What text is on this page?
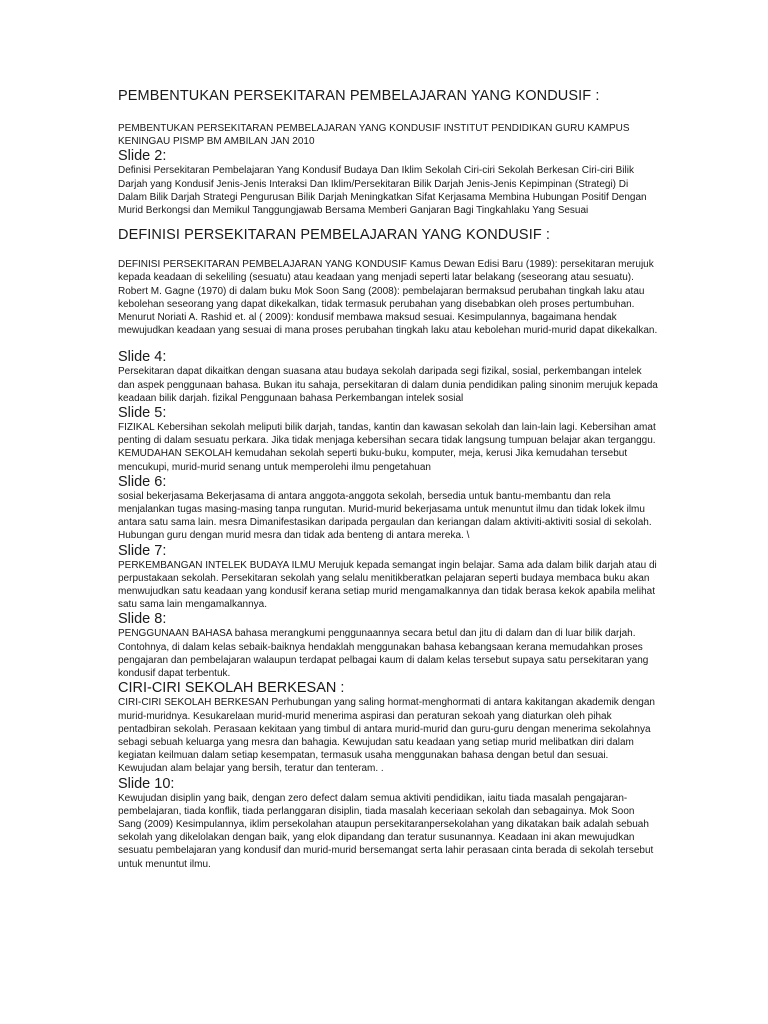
PEMBENTUKAN PERSEKITARAN PEMBELAJARAN YANG KONDUSIF :
PEMBENTUKAN PERSEKITARAN PEMBELAJARAN YANG KONDUSIF INSTITUT PENDIDIKAN GURU KAMPUS KENINGAU PISMP BM AMBILAN JAN 2010
Slide 2:
Definisi Persekitaran Pembelajaran Yang Kondusif Budaya Dan Iklim Sekolah Ciri-ciri Sekolah Berkesan Ciri-ciri Bilik Darjah yang Kondusif Jenis-Jenis Interaksi Dan Iklim/Persekitaran Bilik Darjah Jenis-Jenis Kepimpinan (Strategi) Di Dalam Bilik Darjah Strategi Pengurusan Bilik Darjah Meningkatkan Sifat Kerjasama Membina Hubungan Positif Dengan Murid Berkongsi dan Memikul Tanggungjawab Bersama Memberi Ganjaran Bagi Tingkahlaku Yang Sesuai
DEFINISI PERSEKITARAN PEMBELAJARAN YANG KONDUSIF :
DEFINISI PERSEKITARAN PEMBELAJARAN YANG KONDUSIF Kamus Dewan Edisi Baru (1989): persekitaran merujuk kepada keadaan di sekeliling (sesuatu) atau keadaan yang menjadi seperti latar belakang (seseorang atau sesuatu). Robert M. Gagne (1970) di dalam buku Mok Soon Sang (2008): pembelajaran bermaksud perubahan tingkah laku atau kebolehan seseorang yang dapat dikekalkan, tidak termasuk perubahan yang disebabkan oleh proses pertumbuhan. Menurut Noriati A. Rashid et. al ( 2009): kondusif membawa maksud sesuai. Kesimpulannya, bagaimana hendak mewujudkan keadaan yang sesuai di mana proses perubahan tingkah laku atau kebolehan murid-murid dapat dikekalkan.
Slide 4:
Persekitaran dapat dikaitkan dengan suasana atau budaya sekolah daripada segi fizikal, sosial, perkembangan intelek dan aspek penggunaan bahasa. Bukan itu sahaja, persekitaran di dalam dunia pendidikan paling sinonim merujuk kepada keadaan bilik darjah. fizikal Penggunaan bahasa Perkembangan intelek sosial
Slide 5:
FIZIKAL Kebersihan sekolah meliputi bilik darjah, tandas, kantin dan kawasan sekolah dan lain-lain lagi. Kebersihan amat penting di dalam sesuatu perkara. Jika tidak menjaga kebersihan secara tidak langsung tumpuan belajar akan terganggu. KEMUDAHAN SEKOLAH kemudahan sekolah seperti buku-buku, komputer, meja, kerusi Jika kemudahan tersebut mencukupi, murid-murid senang untuk memperolehi ilmu pengetahuan
Slide 6:
sosial bekerjasama Bekerjasama di antara anggota-anggota sekolah, bersedia untuk bantu-membantu dan rela menjalankan tugas masing-masing tanpa rungutan. Murid-murid bekerjasama untuk menuntut ilmu dan tidak lokek ilmu antara satu sama lain. mesra Dimanifestasikan daripada pergaulan dan keriangan dalam aktiviti-aktiviti sosial di sekolah. Hubungan guru dengan murid mesra dan tidak ada benteng di antara mereka. \
Slide 7:
PERKEMBANGAN INTELEK BUDAYA ILMU Merujuk kepada semangat ingin belajar. Sama ada dalam bilik darjah atau di perpustakaan sekolah. Persekitaran sekolah yang selalu menitikberatkan pelajaran seperti budaya membaca buku akan menwujudkan satu keadaan yang kondusif kerana setiap murid mengamalkannya dan tidak berasa kekok apabila melihat satu sama lain mengamalkannya.
Slide 8:
PENGGUNAAN BAHASA bahasa merangkumi penggunaannya secara betul dan jitu di dalam dan di luar bilik darjah. Contohnya, di dalam kelas sebaik-baiknya hendaklah menggunakan bahasa kebangsaan kerana memudahkan proses pengajaran dan pembelajaran walaupun terdapat pelbagai kaum di dalam kelas tersebut supaya satu persekitaran yang kondusif dapat terbentuk.
CIRI-CIRI SEKOLAH BERKESAN :
CIRI-CIRI SEKOLAH BERKESAN Perhubungan yang saling hormat-menghormati di antara kakitangan akademik dengan murid-muridnya. Kesukarelaan murid-murid menerima aspirasi dan peraturan sekoah yang diaturkan oleh pihak pentadbiran sekolah. Perasaan kekitaan yang timbul di antara murid-murid dan guru-guru dengan menerima sekolahnya sebagi sebuah keluarga yang mesra dan bahagia. Kewujudan satu keadaan yang setiap murid melibatkan diri dalam kegiatan keilmuan dalam setiap kesempatan, termasuk usaha menggunakan bahasa dengan betul dan sesuai. Kewujudan alam belajar yang bersih, teratur dan tenteram. .
Slide 10:
Kewujudan disiplin yang baik, dengan zero defect dalam semua aktiviti pendidikan, iaitu tiada masalah pengajaran-pembelajaran, tiada konflik, tiada perlanggaran disiplin, tiada masalah keceriaan sekolah dan sebagainya. Mok Soon Sang (2009) Kesimpulannya, iklim persekolahan ataupun persekitaranpersekolahan yang dikatakan baik adalah sebuah sekolah yang dikelolakan dengan baik, yang elok dipandang dan teratur susunannya. Keadaan ini akan mewujudkan sesuatu pembelajaran yang kondusif dan murid-murid bersemangat serta lahir perasaan cinta berada di sekolah tersebut untuk menuntut ilmu.
